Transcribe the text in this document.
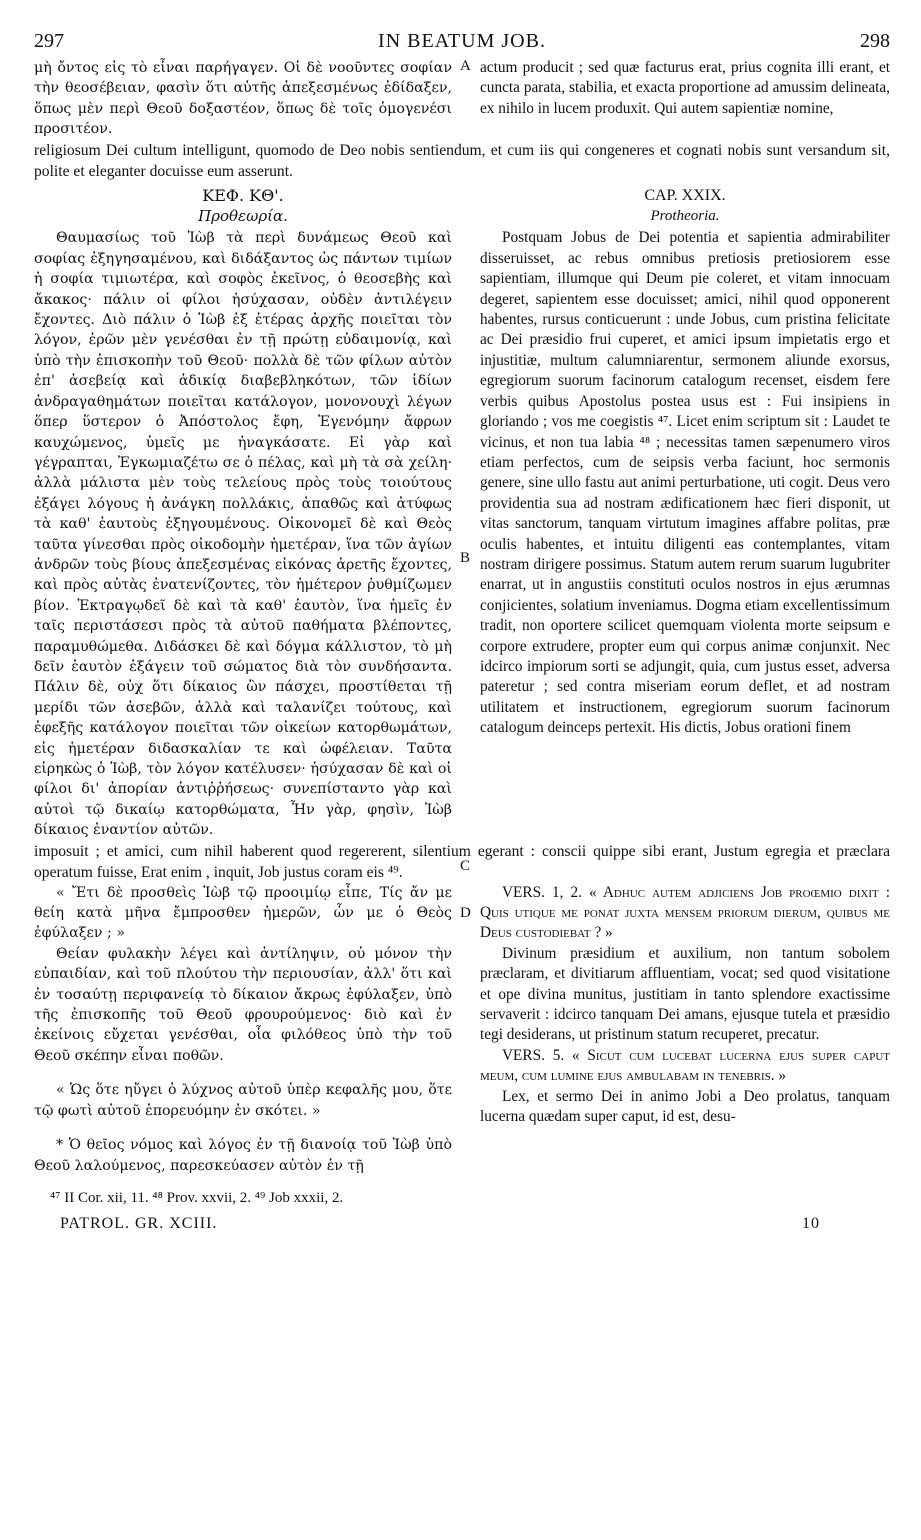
297	IN BEATUM JOB.	298

μὴ ὄντος εἰς τὸ εἶναι παρήγαγεν. Οἱ δὲ νοοῦντες σοφίαν τὴν θεοσέβειαν, φασὶν ὅτι αὐτῆς ἀπεξεσμένως ἐδίδαξεν, ὅπως μὲν περὶ Θεοῦ δοξαστέον, ὅπως δὲ τοῖς ὁμογενέσι προσιτέον.

A actum producit ; sed quæ facturus erat, prius cognita illi erant, et cuncta parata, stabilia, et exacta proportione ad amussim delineata, ex nihilo in lucem produxit. Qui autem sapientiæ nomine,

religiosum Dei cultum intelligunt, quomodo de Deo nobis sentiendum, et cum iis qui congeneres et cognati nobis sunt versandum sit, polite et eleganter docuisse eum asserunt.

ΚΕΦ. ΚΘ'.
Προθεωρία.
CAP. XXIX.
Protheoria.

Θαυμασίως τοῦ Ἰὼβ τὰ περὶ δυνάμεως Θεοῦ καὶ σοφίας ἐξηγησαμένου, καὶ διδάξαντος ὡς πάντων τιμίων ἡ σοφία τιμιωτέρα, καὶ σοφὸς ἐκεῖνος, ὁ θεοσεβὴς καὶ ἄκακος· πάλιν οἱ φίλοι ἡσύχασαν, οὐδὲν ἀντιλέγειν ἔχοντες. Διὸ πάλιν ὁ Ἰὼβ ἐξ ἑτέρας ἀρχῆς ποιεῖται τὸν λόγον, ἐρῶν μὲν γενέσθαι ἐν τῇ πρώτῃ εὐδαιμονίᾳ, καὶ ὑπὸ τὴν ἐπισκοπὴν τοῦ Θεοῦ· πολλὰ δὲ τῶν φίλων αὐτὸν ἐπ' ἀσεβείᾳ καὶ ἀδικίᾳ διαβεβληκότων, τῶν ἰδίων ἀνδραγαθημάτων ποιεῖται κατάλογον, μονονουχὶ λέγων ὅπερ ὕστερον ὁ Ἀπόστολος ἔφη, Ἐγενόμην ἄφρων καυχώμενος, ὑμεῖς με ἠναγκάσατε. Εἰ γὰρ καὶ γέγραπται, Ἐγκωμιαζέτω σε ὁ πέλας, καὶ μὴ τὰ σὰ χείλη· ἀλλὰ μάλιστα μὲν τοὺς τελείους πρὸς τοὺς τοιούτους ἐξάγει λόγους ἡ ἀνάγκη πολλάκις, ἀπαθῶς καὶ ἀτύφως τὰ καθ' ἑαυτοὺς ἐξηγουμένους. Οἰκονομεῖ δὲ καὶ Θεὸς ταῦτα γίνεσθαι πρὸς οἰκοδομὴν ἡμετέραν, ἵνα τῶν ἁγίων ἀνδρῶν τοὺς βίους ἀπεξεσμένας εἰκόνας ἀρετῆς ἔχοντες, καὶ πρὸς αὐτὰς ἐνατενίζοντες, τὸν ἡμέτερον ῥυθμίζωμεν βίον. Ἐκτραγῳδεῖ δὲ καὶ τὰ καθ' ἑαυτὸν, ἵνα ἡμεῖς ἐν ταῖς περιστάσεσι πρὸς τὰ αὐτοῦ παθήματα βλέποντες, παραμυθώμεθα. Διδάσκει δὲ καὶ δόγμα κάλλιστον, τὸ μὴ δεῖν ἑαυτὸν ἐξάγειν τοῦ σώματος διὰ τὸν συνδήσαντα. Πάλιν δὲ, οὐχ ὅτι δίκαιος ὢν πάσχει, προστίθεται τῇ μερίδι τῶν ἀσεβῶν, ἀλλὰ καὶ ταλανίζει τούτους, καὶ ἐφεξῆς κατάλογον ποιεῖται τῶν οἰκείων κατορθωμάτων, εἰς ἡμετέραν διδασκαλίαν τε καὶ ὠφέλειαν. Ταῦτα εἰρηκὼς ὁ Ἰὼβ, τὸν λόγον κατέλυσεν· ἡσύχασαν δὲ καὶ οἱ φίλοι δι' ἀπορίαν ἀντιῤῥήσεως· συνεπίσταντο γὰρ καὶ αὐτοὶ τῷ δικαίῳ κατορθώματα, Ἦν γὰρ, φησὶν, Ἰὼβ δίκαιος ἐναντίον αὐτῶν.

B
C

Postquam Jobus de Dei potentia et sapientia admirabiliter disseruisset, ac rebus omnibus pretiosis pretiosiorem esse sapientiam, illumque qui Deum pie coleret, et vitam innocuam degeret, sapientem esse docuisset; amici, nihil quod opponerent habentes, rursus conticuerunt : unde Jobus, cum pristina felicitate ac Dei præsidio frui cuperet, et amici ipsum impietatis ergo et injustitiæ, multum calumniarentur, sermonem aliunde exorsus, egregiorum suorum facinorum catalogum recenset, eisdem fere verbis quibus Apostolus postea usus est : Fui insipiens in gloriando ; vos me coegistis ⁴⁷. Licet enim scriptum sit : Laudet te vicinus, et non tua labia ⁴⁸ ; necessitas tamen sæpenumero viros etiam perfectos, cum de seipsis verba faciunt, hoc sermonis genere, sine ullo fastu aut animi perturbatione, uti cogit. Deus vero providentia sua ad nostram ædificationem hæc fieri disponit, ut vitas sanctorum, tanquam virtutum imagines affabre politas, præ oculis habentes, et intuitu diligenti eas contemplantes, vitam nostram dirigere possimus. Statum autem rerum suarum lugubriter enarrat, ut in angustiis constituti oculos nostros in ejus ærumnas conjicientes, solatium inveniamus. Dogma etiam excellentissimum tradit, non oportere scilicet quemquam violenta morte seipsum e corpore extrudere, propter eum qui corpus animæ conjunxit. Nec idcirco impiorum sorti se adjungit, quia, cum justus esset, adversa pateretur ; sed contra miseriam eorum deflet, et ad nostram utilitatem et instructionem, egregiorum suorum facinorum catalogum deinceps pertexit. His dictis, Jobus orationi finem

imposuit ; et amici, cum nihil haberent quod regererent, silentium egerant : conscii quippe sibi erant, Justum egregia et præclara operatum fuisse, Erat enim , inquit, Job justus coram eis ⁴⁹.

« Ἔτι δὲ προσθεὶς Ἰὼβ τῷ προοιμίῳ εἶπε, Τίς ἄν με θείη κατὰ μῆνα ἔμπροσθεν ἡμερῶν, ὧν με ὁ Θεὸς ἐφύλαξεν ; »

Θείαν φυλακὴν λέγει καὶ ἀντίληψιν, οὐ μόνον τὴν εὐπαιδίαν, καὶ τοῦ πλούτου τὴν περιουσίαν, ἀλλ' ὅτι καὶ ἐν τοσαύτῃ περιφανείᾳ τὸ δίκαιον ἄκρως ἐφύλαξεν, ὑπὸ τῆς ἐπισκοπῆς τοῦ Θεοῦ φρουρούμενος· διὸ καὶ ἐν ἐκείνοις εὔχεται γενέσθαι, οἷα φιλόθεος ὑπὸ τὴν τοῦ Θεοῦ σκέπην εἶναι ποθῶν.

« Ὡς ὅτε ηὔγει ὁ λύχνος αὐτοῦ ὑπὲρ κεφαλῆς μου, ὅτε τῷ φωτὶ αὐτοῦ ἐπορευόμην ἐν σκότει. »

* Ὁ θεῖος νόμος καὶ λόγος ἐν τῇ διανοίᾳ τοῦ Ἰὼβ ὑπὸ Θεοῦ λαλούμενος, παρεσκεύασεν αὐτὸν ἐν τῇ

D

VERS. 1, 2. « Adhuc autem adjiciens Job proœmio dixit : Quis utique me ponat juxta mensem priorum dierum, quibus me Deus custodiebat ? »

Divinum præsidium et auxilium, non tantum sobolem præclaram, et divitiarum affluentiam, vocat; sed quod visitatione et ope divina munitus, justitiam in tanto splendore exactissime servaverit : idcirco tanquam Dei amans, ejusque tutela et præsidio tegi desiderans, ut pristinum statum recuperet, precatur.

VERS. 5. « Sicut cum lucebat lucerna ejus super caput meum, cum lumine ejus ambulabam in tenebris. »

Lex, et sermo Dei in animo Jobi a Deo prolatus, tanquam lucerna quædam super caput, id est, desu-

⁴⁷ II Cor. xii, 11. ⁴⁸ Prov. xxvii, 2. ⁴⁹ Job xxxii, 2.
PATROL. GR. XCIII.	10
